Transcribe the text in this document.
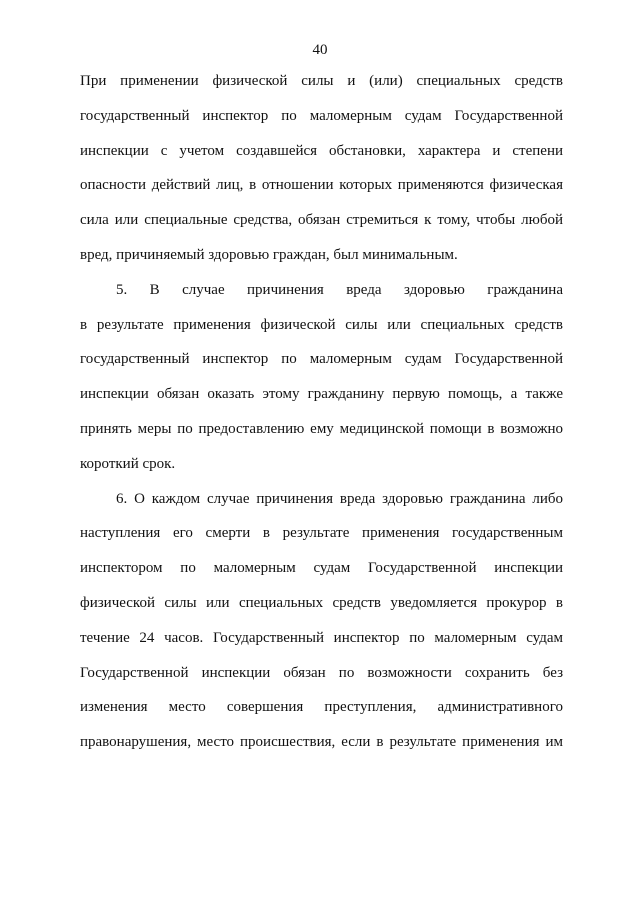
40

При применении физической силы и (или) специальных средств

государственный инспектор по маломерным судам Государственной

инспекции с учетом создавшейся обстановки, характера и степени

опасности действий лиц, в отношении которых применяются физическая

сила или специальные средства, обязан стремиться к тому, чтобы любой

вред, причиняемый здоровью граждан, был минимальным.

5. В случае причинения вреда здоровью гражданина

в результате применения физической силы или специальных средств

государственный инспектор по маломерным судам Государственной

инспекции обязан оказать этому гражданину первую помощь, а также

принять меры по предоставлению ему медицинской помощи в возможно

короткий срок.

6. О каждом случае причинения вреда здоровью гражданина либо

наступления его смерти в результате применения государственным

инспектором по маломерным судам Государственной инспекции

физической силы или специальных средств уведомляется прокурор в

течение 24 часов. Государственный инспектор по маломерным судам

Государственной инспекции обязан по возможности сохранить без

изменения место совершения преступления, административного

правонарушения, место происшествия, если в результате применения им
